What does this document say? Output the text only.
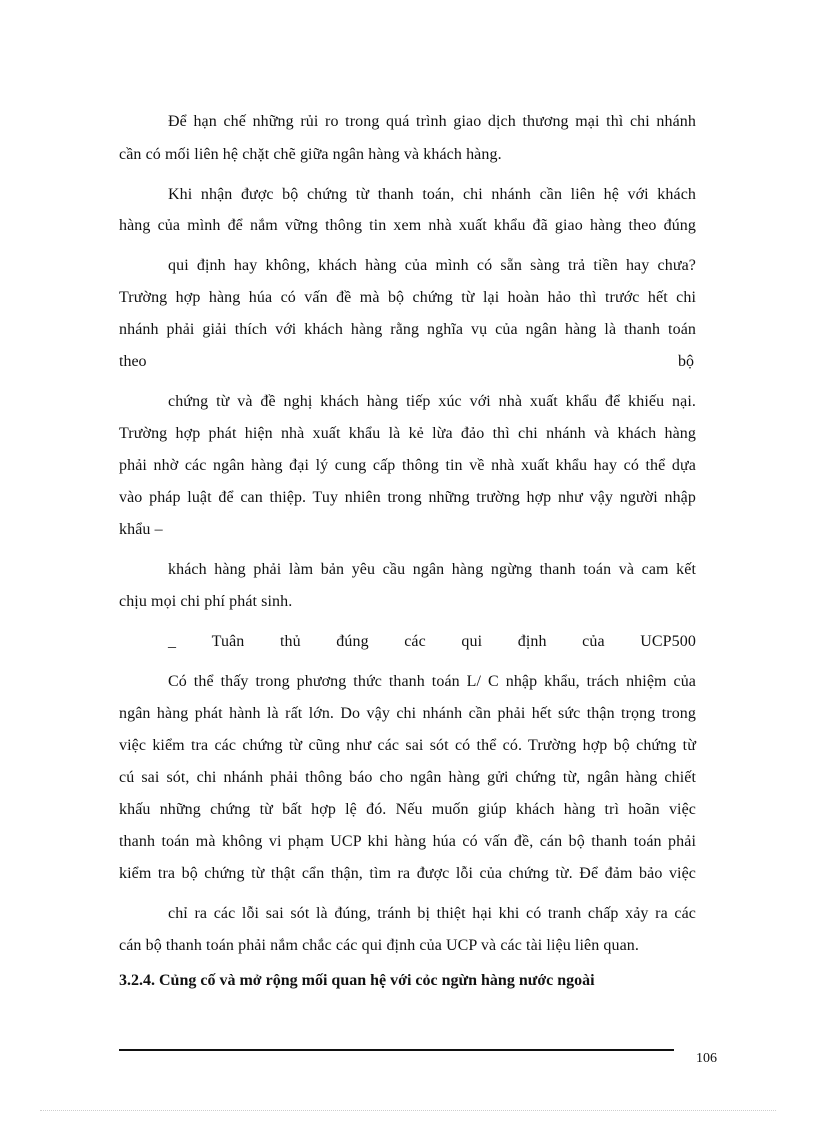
Để hạn chế những rủi ro trong quá trình giao dịch thương mại thì chi nhánh
cần có mối liên hệ chặt chẽ giữa ngân hàng và khách hàng.
Khi nhận được bộ chứng từ thanh toán, chi nhánh cần liên hệ với khách
hàng của mình để nắm vững thông tin xem nhà xuất khẩu đã giao hàng theo đúng
qui định hay không, khách hàng của mình có sẵn sàng trả tiền hay chưa?
Trường hợp hàng húa có vấn đề mà bộ chứng từ lại hoàn hảo thì trước hết chi
nhánh phải giải thích với khách hàng rằng nghĩa vụ của ngân hàng là thanh toán
theo	bộ
chứng từ và đề nghị khách hàng tiếp xúc với nhà xuất khẩu để khiếu nại.
Trường hợp phát hiện nhà xuất khẩu là kẻ lừa đảo thì chi nhánh và khách hàng
phải nhờ các ngân hàng đại lý cung cấp thông tin về nhà xuất khẩu hay có thể dựa
vào pháp luật để can thiệp. Tuy nhiên trong những trường hợp như vậy người nhập
khẩu –
khách hàng phải làm bản yêu cầu ngân hàng ngừng thanh toán và cam kết
chịu mọi chi phí phát sinh.
_ Tuân thủ đúng các qui định của UCP500
Có thể thấy trong phương thức thanh toán L/ C nhập khẩu, trách nhiệm của
ngân hàng phát hành là rất lớn. Do vậy chi nhánh cần phải hết sức thận trọng trong
việc kiểm tra các chứng từ cũng như các sai sót có thể có. Trường hợp bộ chứng từ
cú sai sót, chi nhánh phải thông báo cho ngân hàng gửi chứng từ, ngân hàng chiết
khấu những chứng từ bất hợp lệ đó. Nếu muốn giúp khách hàng trì hoãn việc
thanh toán mà không vi phạm UCP khi hàng húa có vấn đề, cán bộ thanh toán phải
kiểm tra bộ chứng từ thật cẩn thận, tìm ra được lỗi của chứng từ. Để đảm bảo việc
chỉ ra các lỗi sai sót là đúng, tránh bị thiệt hại khi có tranh chấp xảy ra các
cán bộ thanh toán phải nắm chắc các qui định của UCP và các tài liệu liên quan.
3.2.4. Củng cố và mở rộng mối quan hệ với cỏc ngừn hàng nước ngoài
106
